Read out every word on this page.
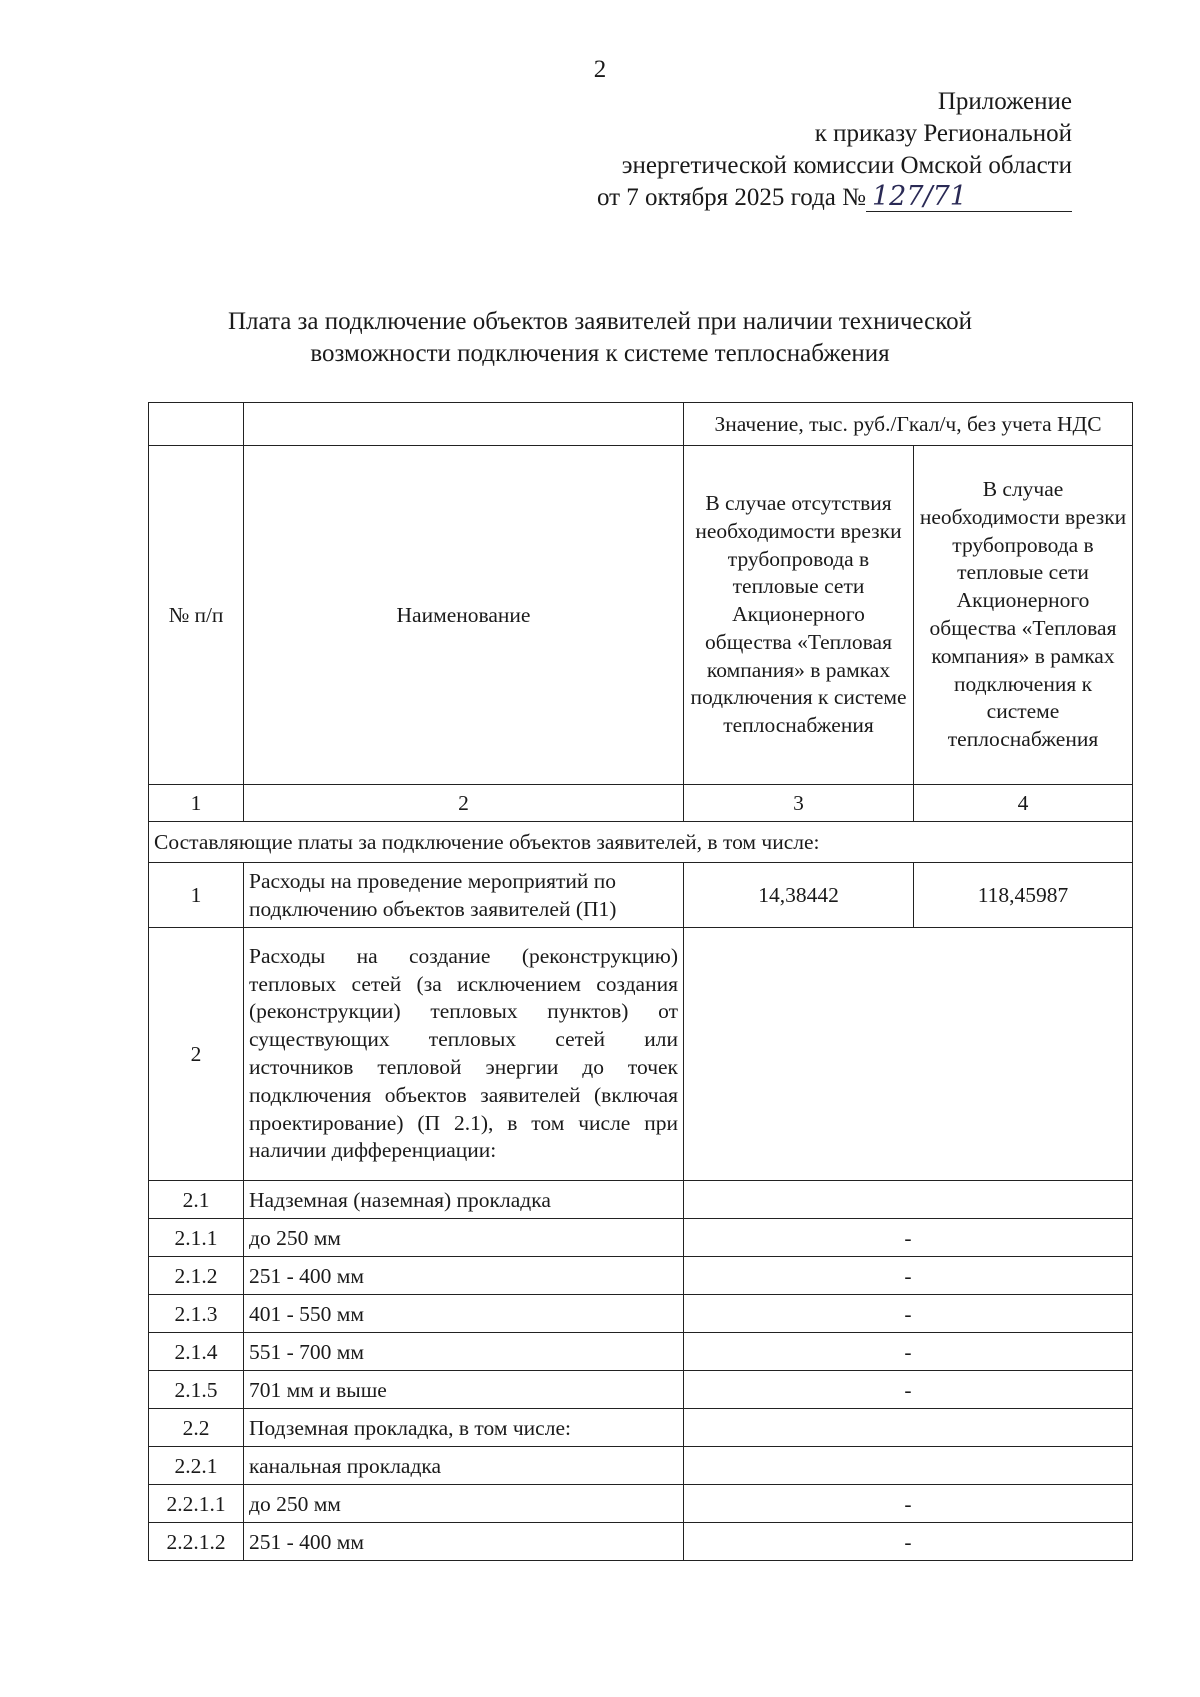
2
Приложение
к приказу Региональной
энергетической комиссии Омской области
от 7 октября 2025 года № 127/71
Плата за подключение объектов заявителей при наличии технической
возможности подключения к системе теплоснабжения
		Значение, тыс. руб./Гкал/ч, без учета НДС	
№ п/п	Наименование	В случае отсутствия необходимости врезки трубопровода в тепловые сети Акционерного общества «Тепловая компания» в рамках подключения к системе теплоснабжения	В случае необходимости врезки трубопровода в тепловые сети Акционерного общества «Тепловая компания» в рамках подключения к системе теплоснабжения

1	2	3	4
Составляющие платы за подключение объектов заявителей, в том числе:			
1	Расходы на проведение мероприятий по подключению объектов заявителей (П1)	14,38442	118,45987
2	Расходы на создание (реконструкцию) тепловых сетей (за исключением создания (реконструкции) тепловых пунктов) от существующих тепловых сетей или источников тепловой энергии до точек подключения объектов заявителей (включая проектирование) (П 2.1), в том числе при наличии дифференциации:		

2.1	Надземная (наземная) прокладка		
2.1.1	до 250 мм	-	
2.1.2	251 - 400 мм	-	
2.1.3	401 - 550 мм	-	
2.1.4	551 - 700 мм	-	
2.1.5	701 мм и выше	-	
2.2	Подземная прокладка, в том числе:		
2.2.1	канальная прокладка		
2.2.1.1	до 250 мм	-	
2.2.1.2	251 - 400 мм	-	
